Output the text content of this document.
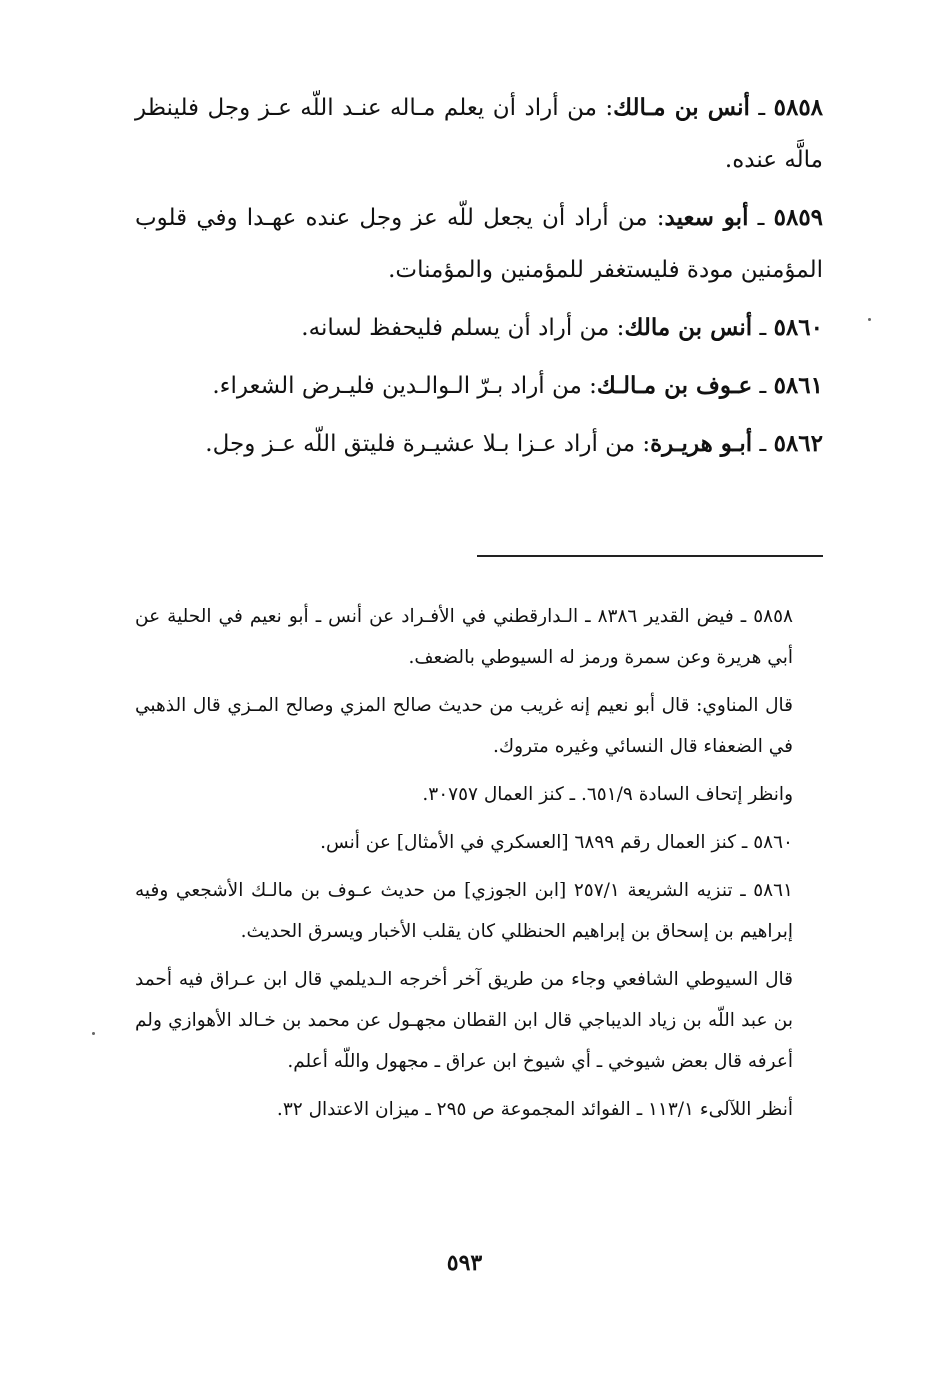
٥٨٥٨ ـ أنس بن مـالك: من أراد أن يعلم مـاله عنـد اللّه عـز وجل فلينظر مالَّه عنده.

٥٨٥٩ ـ أبو سعيد: من أراد أن يجعل للّه عز وجل عنده عهـدا وفي قلوب المؤمنين مودة فليستغفر للمؤمنين والمؤمنات.

٥٨٦٠ ـ أنس بن مالك: من أراد أن يسلم فليحفظ لسانه.

٥٨٦١ ـ عـوف بن مـالـك: من أراد بـرّ الـوالـدين فليـرض الشعراء.

٥٨٦٢ ـ أبـو هريـرة: من أراد عـزا بـلا عشيـرة فليتق اللّه عـز وجل.

٥٨٥٨ ـ فيض القدير ٨٣٨٦ ـ الـدارقطني في الأفـراد عن أنس ـ أبو نعيم في الحلية عن أبي هريرة وعن سمرة ورمز له السيوطي بالضعف.

قال المناوي: قال أبو نعيم إنه غريب من حديث صالح المزي وصالح المـزي قال الذهبي في الضعفاء قال النسائي وغيره متروك.

وانظر إتحاف السادة ٦٥١/٩. ـ كنز العمال ٣٠٧٥٧.

٥٨٦٠ ـ كنز العمال رقم ٦٨٩٩ [العسكري في الأمثال] عن أنس.

٥٨٦١ ـ تنزيه الشريعة ٢٥٧/١ [ابن الجوزي] من حديث عـوف بن مالـك الأشجعي وفيه إبراهيم بن إسحاق بن إبراهيم الحنظلي كان يقلب الأخبار ويسرق الحديث.

قال السيوطي الشافعي وجاء من طريق آخر أخرجه الـديلمي قال ابن عـراق فيه أحمد بن عبد اللّه بن زياد الديباجي قال ابن القطان مجهـول عن محمد بن خـالد الأهوازي ولم أعرفه قال بعض شيوخي ـ أي شيوخ ابن عراق ـ مجهول واللّه أعلم.

أنظر اللآلىء ١١٣/١ ـ الفوائد المجموعة ص ٢٩٥ ـ ميزان الاعتدال ٣٢.

٥٩٣
